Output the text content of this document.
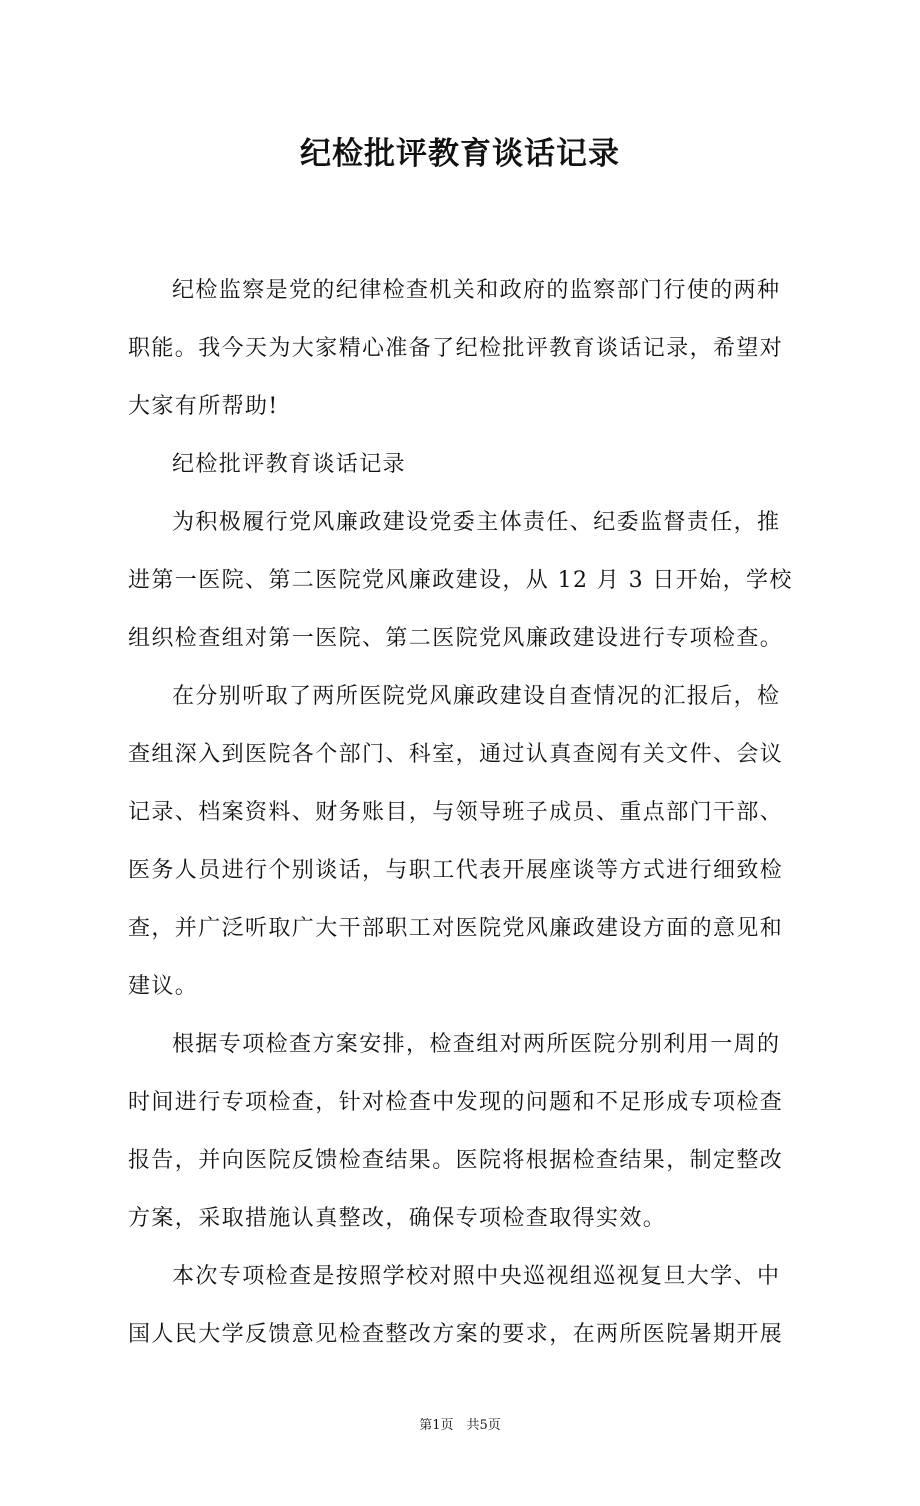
纪检批评教育谈话记录
纪检监察是党的纪律检查机关和政府的监察部门行使的两种
职能。我今天为大家精心准备了纪检批评教育谈话记录，希望对
大家有所帮助!
纪检批评教育谈话记录
为积极履行党风廉政建设党委主体责任、纪委监督责任，推
进第一医院、第二医院党风廉政建设，从 12 月 3 日开始，学校
组织检查组对第一医院、第二医院党风廉政建设进行专项检查。
在分别听取了两所医院党风廉政建设自查情况的汇报后，检
查组深入到医院各个部门、科室，通过认真查阅有关文件、会议
记录、档案资料、财务账目，与领导班子成员、重点部门干部、
医务人员进行个别谈话，与职工代表开展座谈等方式进行细致检
查，并广泛听取广大干部职工对医院党风廉政建设方面的意见和
建议。
根据专项检查方案安排，检查组对两所医院分别利用一周的
时间进行专项检查，针对检查中发现的问题和不足形成专项检查
报告，并向医院反馈检查结果。医院将根据检查结果，制定整改
方案，采取措施认真整改，确保专项检查取得实效。
本次专项检查是按照学校对照中央巡视组巡视复旦大学、中
国人民大学反馈意见检查整改方案的要求，在两所医院暑期开展
第1页　共5页
